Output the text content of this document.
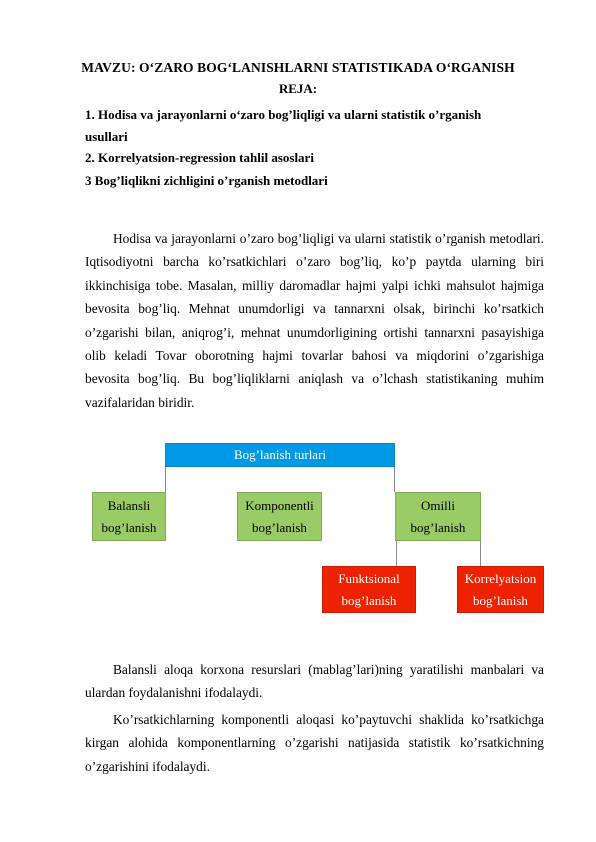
MAVZU: O‘ZARO BOG‘LANISHLARNI STATISTIKADA O‘RGANISH
REJA:
1. Hodisa va jarayonlarni o‘zaro bog’liqligi va ularni statistik o’rganish
usullari
2. Korrelyatsion-regression tahlil asoslari
3 Bog’liqlikni zichligini o’rganish metodlari
Hodisa va jarayonlarni o’zaro bog’liqligi va ularni statistik o’rganish metodlari. Iqtisodiyotni barcha ko’rsatkichlari o’zaro bog’liq, ko’p paytda ularning biri ikkinchisiga tobe. Masalan, milliy daromadlar hajmi yalpi ichki mahsulot hajmiga bevosita bog’liq. Mehnat unumdorligi va tannarxni olsak, birinchi ko’rsatkich o’zgarishi bilan, aniqrog’i, mehnat unumdorligining ortishi tannarxni pasayishiga olib keladi Tovar oborotning hajmi tovarlar bahosi va miqdorini o’zgarishiga bevosita bog’liq. Bu bog’liqliklarni aniqlash va o’lchash statistikaning muhim vazifalaridan biridir.
Bog’lanish turlari
Balansli
bog’lanish
Komponentli
bog’lanish
Omilli
bog’lanish
Funktsional
bog’lanish
Korrelyatsion
bog’lanish
Balansli aloqa korxona resurslari (mablag’lari)ning yaratilishi manbalari va ulardan foydalanishni ifodalaydi.
Ko’rsatkichlarning komponentli aloqasi ko’paytuvchi shaklida ko’rsatkichga kirgan alohida komponentlarning o’zgarishi natijasida statistik ko’rsatkichning o’zgarishini ifodalaydi.
